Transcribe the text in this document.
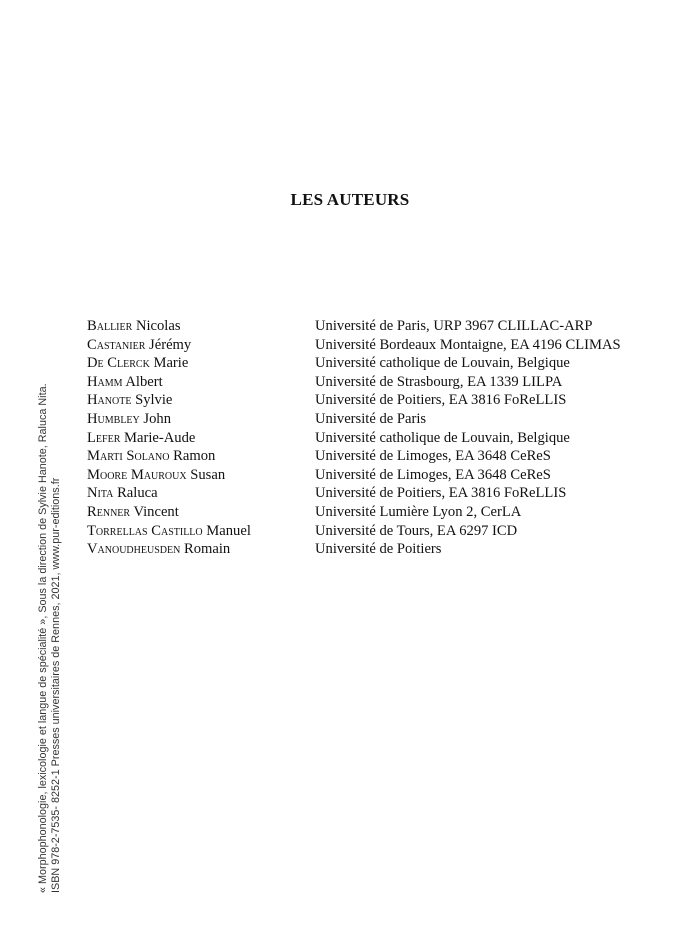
LES AUTEURS
Ballier Nicolas	Université de Paris, URP 3967 CLILLAC-ARP
Castanier Jérémy	Université Bordeaux Montaigne, EA 4196 CLIMAS
De Clerck Marie	Université catholique de Louvain, Belgique
Hamm Albert	Université de Strasbourg, EA 1339 LILPA
Hanote Sylvie	Université de Poitiers, EA 3816 FoReLLIS
Humbley John	Université de Paris
Lefer Marie-Aude	Université catholique de Louvain, Belgique
Marti Solano Ramon	Université de Limoges, EA 3648 CeReS
Moore Mauroux Susan	Université de Limoges, EA 3648 CeReS
Nita Raluca	Université de Poitiers, EA 3816 FoReLLIS
Renner Vincent	Université Lumière Lyon 2, CerLA
Torrellas Castillo Manuel	Université de Tours, EA 6297 ICD
Vanoudheusden Romain	Université de Poitiers
« Morphophonologie, lexicologie et langue de spécialité », Sous la direction de Sylvie Hanote, Raluca Nita. ISBN 978-2-7535- 8252-1 Presses universitaires de Rennes, 2021, www.pur-editions.fr
